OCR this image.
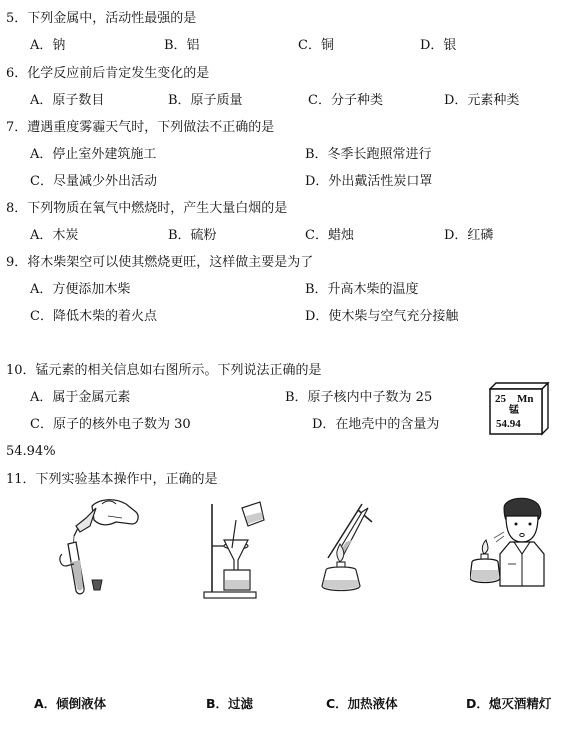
5．下列金属中，活动性最强的是
A．钠	B．铝	C．铜	D．银
6．化学反应前后肯定发生变化的是
A．原子数目	B．原子质量	C．分子种类	D．元素种类
7．遭遇重度雾霾天气时，下列做法不正确的是
A．停止室外建筑施工	B．冬季长跑照常进行
C．尽量减少外出活动	D．外出戴活性炭口罩
8．下列物质在氧气中燃烧时，产生大量白烟的是
A．木炭	B．硫粉	C．蜡烛	D．红磷
9．将木柴架空可以使其燃烧更旺，这样做主要是为了
A．方便添加木柴	B．升高木柴的温度
C．降低木柴的着火点	D．使木柴与空气充分接触
10．锰元素的相关信息如右图所示。下列说法正确的是
A．属于金属元素	B．原子核内中子数为 25
C．原子的核外电子数为 30	D．在地壳中的含量为
54.94%
25 Mn
锰
54.94
11．下列实验基本操作中，正确的是
A．倾倒液体	B．过滤	C．加热液体	D．熄灭酒精灯
